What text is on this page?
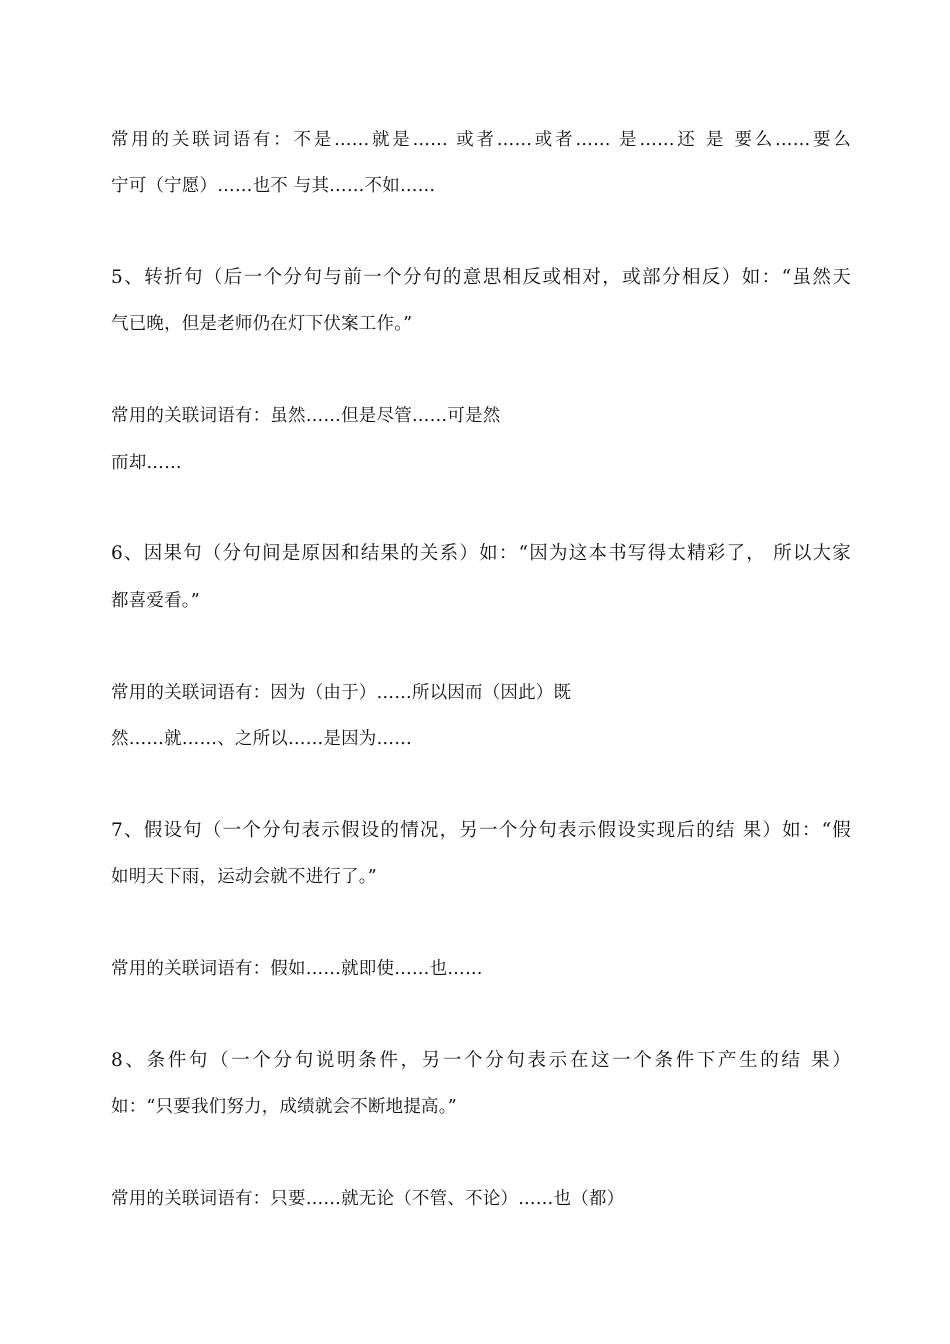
常用的关联词语有：不是……就是…… 或者……或者…… 是……还 是 要么……要么
宁可（宁愿）……也不 与其……不如……
5、转折句（后一个分句与前一个分句的意思相反或相对，或部分相反）如：“虽然天
气已晚，但是老师仍在灯下伏案工作。”
常用的关联词语有：虽然……但是尽管……可是然
而却……
6、因果句（分句间是原因和结果的关系）如：“因为这本书写得太精彩了， 所以大家
都喜爱看。”
常用的关联词语有：因为（由于）……所以因而（因此）既
然……就……、之所以……是因为……
7、假设句（一个分句表示假设的情况，另一个分句表示假设实现后的结 果）如：“假
如明天下雨，运动会就不进行了。”
常用的关联词语有：假如……就即使……也……
8、条件句（一个分句说明条件，另一个分句表示在这一个条件下产生的结 果）
如：“只要我们努力，成绩就会不断地提高。”
常用的关联词语有：只要……就无论（不管、不论）……也（都）
